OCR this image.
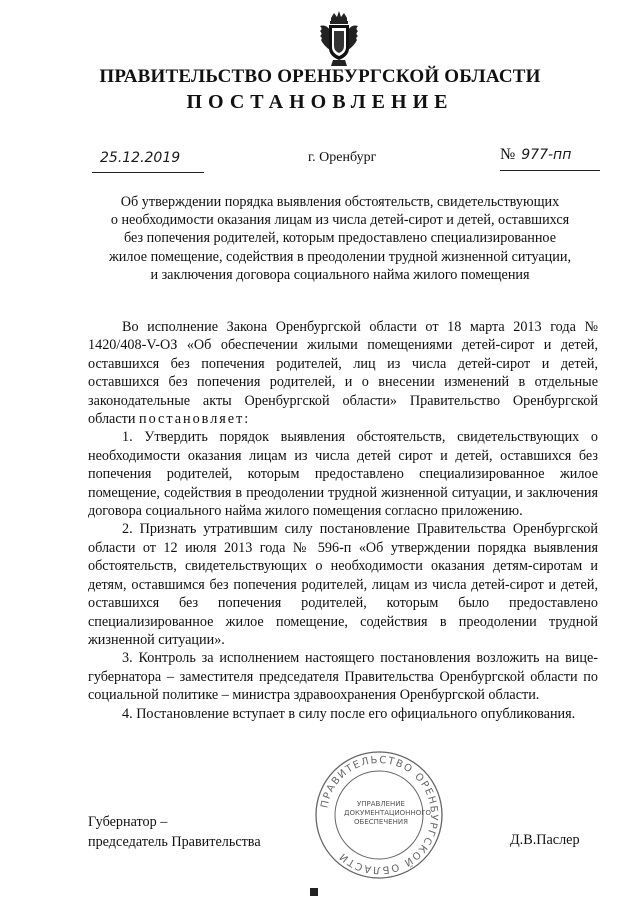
ПРАВИТЕЛЬСТВО ОРЕНБУРГСКОЙ ОБЛАСТИ
ПОСТАНОВЛЕНИЕ
25.12.2019	г. Оренбург	№ 977-пп
Об утверждении порядка выявления обстоятельств, свидетельствующих
о необходимости оказания лицам из числа детей-сирот и детей, оставшихся
без попечения родителей, которым предоставлено специализированное
жилое помещение, содействия в преодолении трудной жизненной ситуации,
и заключения договора социального найма жилого помещения

Во исполнение Закона Оренбургской области от 18 марта 2013 года № 1420/408-V-ОЗ «Об обеспечении жилыми помещениями детей-сирот и детей, оставшихся без попечения родителей, лиц из числа детей-сирот и детей, оставшихся без попечения родителей, и о внесении изменений в отдельные законодательные акты Оренбургской области» Правительство Оренбургской области постановляет:

1. Утвердить порядок выявления обстоятельств, свидетельствующих о необходимости оказания лицам из числа детей сирот и детей, оставшихся без попечения родителей, которым предоставлено специализированное жилое помещение, содействия в преодолении трудной жизненной ситуации, и заключения договора социального найма жилого помещения согласно приложению.

2. Признать утратившим силу постановление Правительства Оренбургской области от 12 июля 2013 года № 596-п «Об утверждении порядка выявления обстоятельств, свидетельствующих о необходимости оказания детям-сиротам и детям, оставшимся без попечения родителей, лицам из числа детей-сирот и детей, оставшихся без попечения родителей, которым было предоставлено специализированное жилое помещение, содействия в преодолении трудной жизненной ситуации».

3. Контроль за исполнением настоящего постановления возложить на вице-губернатора – заместителя председателя Правительства Оренбургской области по социальной политике – министра здравоохранения Оренбургской области.

4. Постановление вступает в силу после его официального опубликования.

ПРАВИТЕЛЬСТВО ОРЕНБУРГСКОЙ ОБЛАСТИ
УПРАВЛЕНИЕ
ДОКУМЕНТАЦИОННОГО
ОБЕСПЕЧЕНИЯ
Губернатор –
председатель Правительства	Д.В.Паслер
